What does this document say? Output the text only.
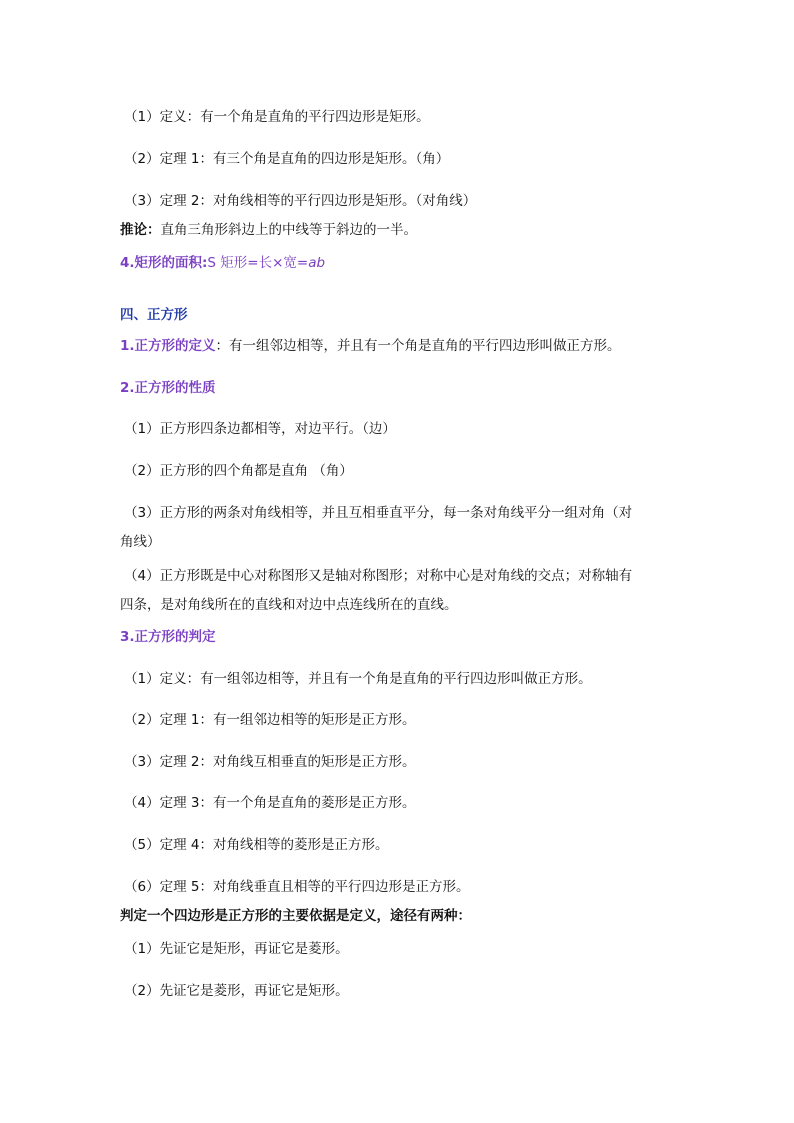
（1）定义：有一个角是直角的平行四边形是矩形。
（2）定理 1：有三个角是直角的四边形是矩形。（角）
（3）定理 2：对角线相等的平行四边形是矩形。（对角线）
推论：直角三角形斜边上的中线等于斜边的一半。
4.矩形的面积:S 矩形=长×宽=ab
四、正方形
1.正方形的定义：有一组邻边相等，并且有一个角是直角的平行四边形叫做正方形。
2.正方形的性质
（1）正方形四条边都相等，对边平行。（边）
（2）正方形的四个角都是直角 （角）
（3）正方形的两条对角线相等，并且互相垂直平分，每一条对角线平分一组对角（对
角线）
（4）正方形既是中心对称图形又是轴对称图形；对称中心是对角线的交点；对称轴有
四条，是对角线所在的直线和对边中点连线所在的直线。
3.正方形的判定
（1）定义：有一组邻边相等，并且有一个角是直角的平行四边形叫做正方形。
（2）定理 1：有一组邻边相等的矩形是正方形。
（3）定理 2：对角线互相垂直的矩形是正方形。
（4）定理 3：有一个角是直角的菱形是正方形。
（5）定理 4：对角线相等的菱形是正方形。
（6）定理 5：对角线垂直且相等的平行四边形是正方形。
判定一个四边形是正方形的主要依据是定义，途径有两种：
（1）先证它是矩形，再证它是菱形。
（2）先证它是菱形，再证它是矩形。
